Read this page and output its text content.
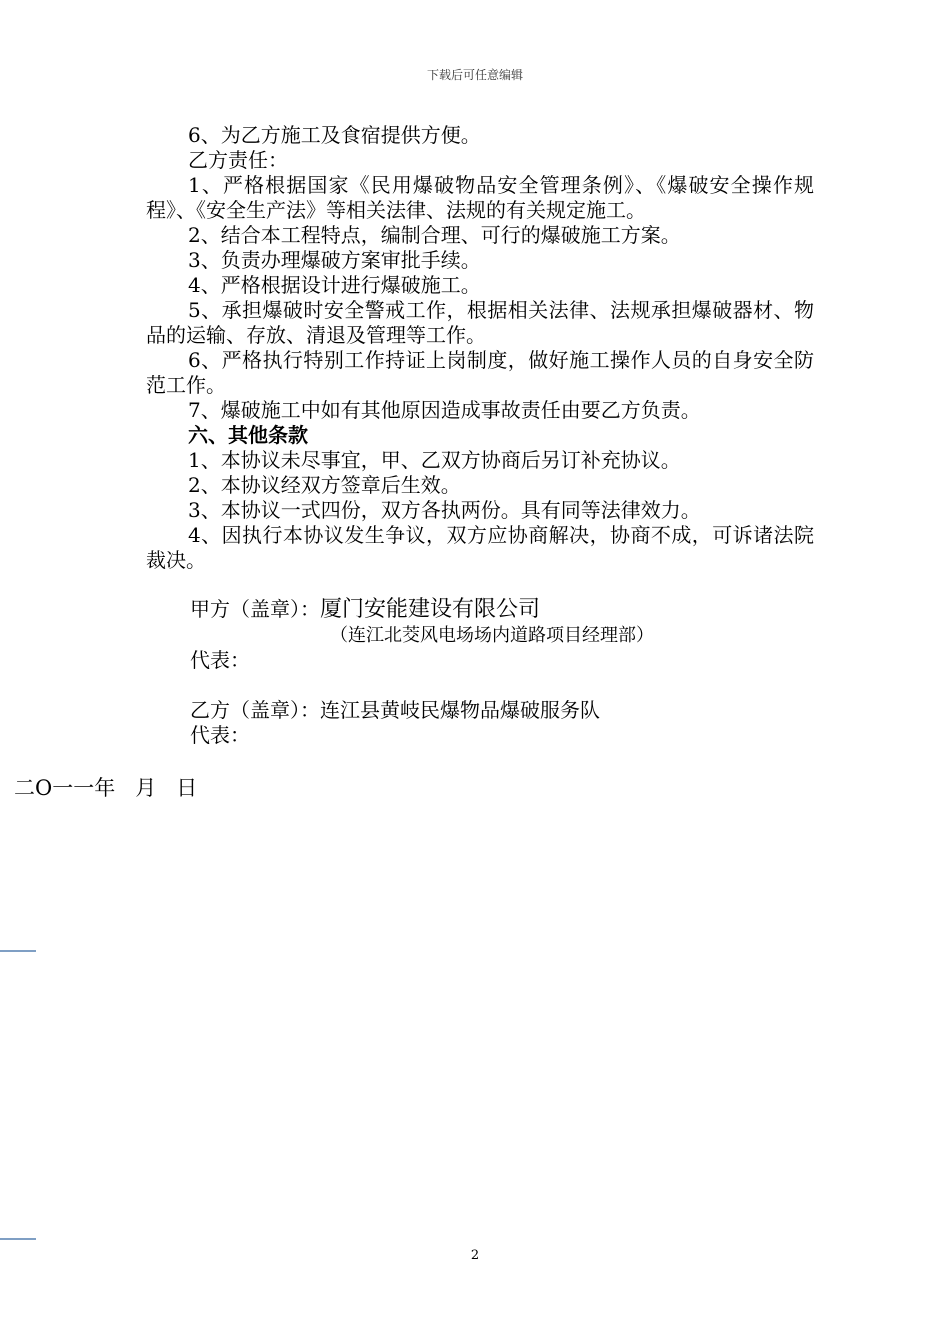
下载后可任意编辑

6、为乙方施工及食宿提供方便。

乙方责任：

1、严格根据国家《民用爆破物品安全管理条例》、《爆破安全操作规程》、《安全生产法》等相关法律、法规的有关规定施工。

2、结合本工程特点，编制合理、可行的爆破施工方案。

3、负责办理爆破方案审批手续。

4、严格根据设计进行爆破施工。

5、承担爆破时安全警戒工作，根据相关法律、法规承担爆破器材、物品的运输、存放、清退及管理等工作。

6、严格执行特别工作持证上岗制度，做好施工操作人员的自身安全防范工作。

7、爆破施工中如有其他原因造成事故责任由要乙方负责。

六、其他条款

1、本协议未尽事宜，甲、乙双方协商后另订补充协议。

2、本协议经双方签章后生效。

3、本协议一式四份，双方各执两份。具有同等法律效力。

4、因执行本协议发生争议，双方应协商解决，协商不成，可诉诸法院裁决。

甲方（盖章）：厦门安能建设有限公司
（连江北茭风电场场内道路项目经理部）
代表：
乙方（盖章）：连江县黄岐民爆物品爆破服务队
代表：
二O一一年   月   日
2
